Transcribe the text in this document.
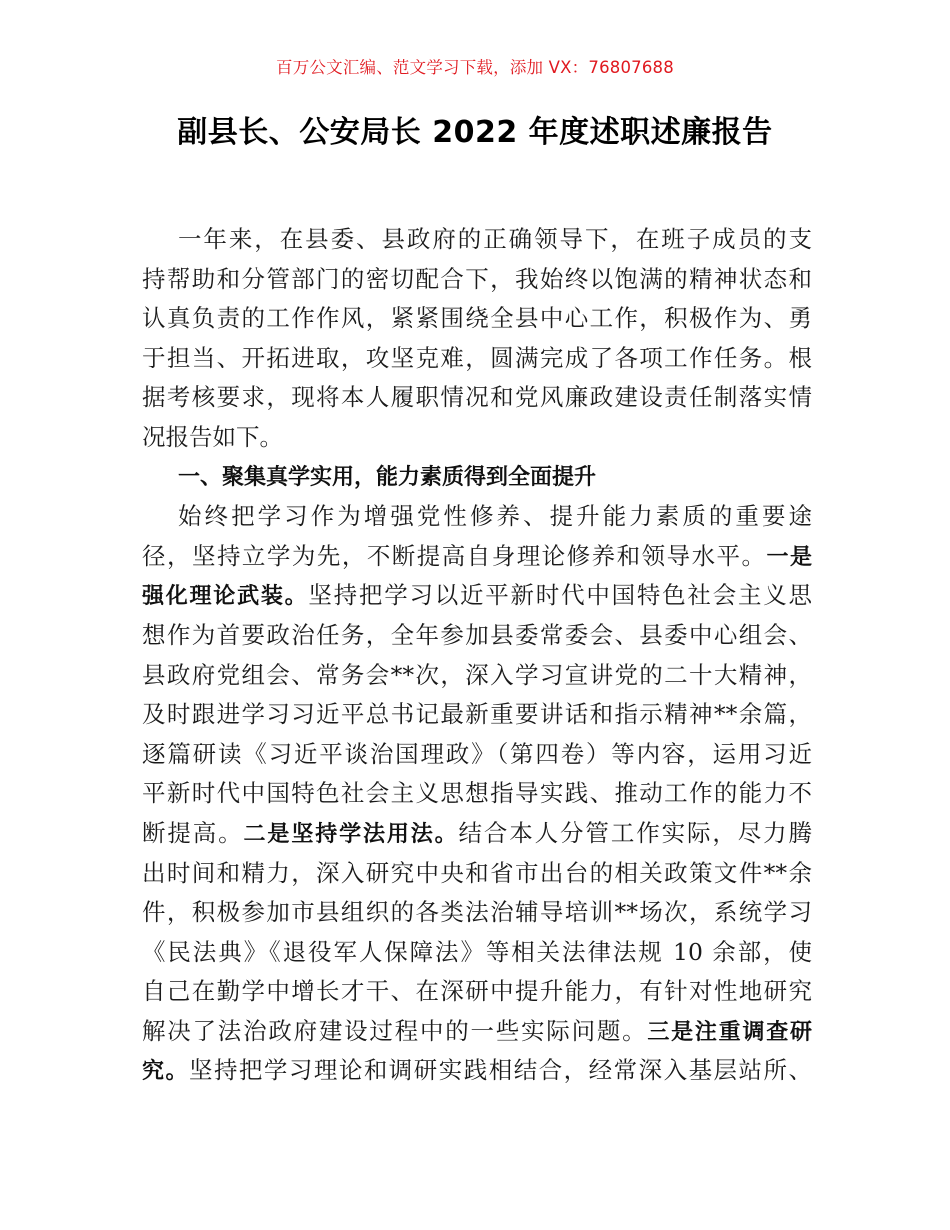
百万公文汇编、范文学习下载，添加 VX：76807688
副县长、公安局长 2022 年度述职述廉报告
一年来，在县委、县政府的正确领导下，在班子成员的支
持帮助和分管部门的密切配合下，我始终以饱满的精神状态和
认真负责的工作作风，紧紧围绕全县中心工作，积极作为、勇
于担当、开拓进取，攻坚克难，圆满完成了各项工作任务。根
据考核要求，现将本人履职情况和党风廉政建设责任制落实情
况报告如下。
一、聚集真学实用，能力素质得到全面提升
始终把学习作为增强党性修养、提升能力素质的重要途
径，坚持立学为先，不断提高自身理论修养和领导水平。一是
强化理论武装。坚持把学习以近平新时代中国特色社会主义思
想作为首要政治任务，全年参加县委常委会、县委中心组会、
县政府党组会、常务会**次，深入学习宣讲党的二十大精神，
及时跟进学习习近平总书记最新重要讲话和指示精神**余篇，
逐篇研读《习近平谈治国理政》（第四卷）等内容，运用习近
平新时代中国特色社会主义思想指导实践、推动工作的能力不
断提高。二是坚持学法用法。结合本人分管工作实际，尽力腾
出时间和精力，深入研究中央和省市出台的相关政策文件**余
件，积极参加市县组织的各类法治辅导培训**场次，系统学习
《民法典》《退役军人保障法》等相关法律法规 10 余部，使
自己在勤学中增长才干、在深研中提升能力，有针对性地研究
解决了法治政府建设过程中的一些实际问题。三是注重调查研
究。坚持把学习理论和调研实践相结合，经常深入基层站所、
